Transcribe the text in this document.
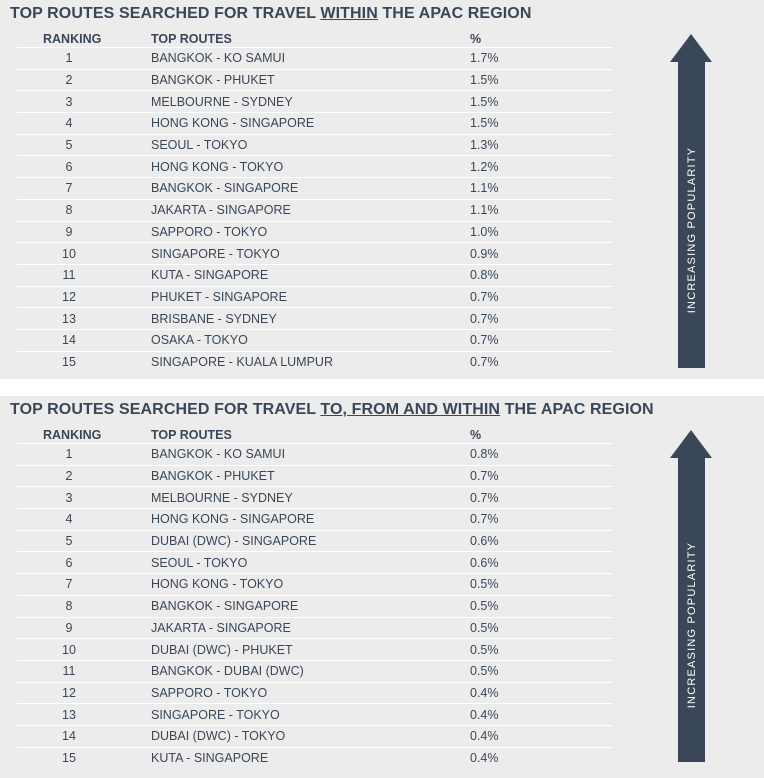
TOP ROUTES SEARCHED FOR TRAVEL WITHIN THE APAC REGION
RANKING	TOP ROUTES	%
1	BANGKOK - KO SAMUI	1.7%
2	BANGKOK - PHUKET	1.5%
3	MELBOURNE - SYDNEY	1.5%
4	HONG KONG - SINGAPORE	1.5%
5	SEOUL - TOKYO	1.3%
6	HONG KONG - TOKYO	1.2%
7	BANGKOK - SINGAPORE	1.1%
8	JAKARTA - SINGAPORE	1.1%
9	SAPPORO - TOKYO	1.0%
10	SINGAPORE - TOKYO	0.9%
11	KUTA - SINGAPORE	0.8%
12	PHUKET - SINGAPORE	0.7%
13	BRISBANE - SYDNEY	0.7%
14	OSAKA - TOKYO	0.7%
15	SINGAPORE - KUALA LUMPUR	0.7%
INCREASING POPULARITY
TOP ROUTES SEARCHED FOR TRAVEL TO, FROM AND WITHIN THE APAC REGION
RANKING	TOP ROUTES	%
1	BANGKOK - KO SAMUI	0.8%
2	BANGKOK - PHUKET	0.7%
3	MELBOURNE - SYDNEY	0.7%
4	HONG KONG - SINGAPORE	0.7%
5	DUBAI (DWC) - SINGAPORE	0.6%
6	SEOUL - TOKYO	0.6%
7	HONG KONG - TOKYO	0.5%
8	BANGKOK - SINGAPORE	0.5%
9	JAKARTA - SINGAPORE	0.5%
10	DUBAI (DWC) - PHUKET	0.5%
11	BANGKOK - DUBAI (DWC)	0.5%
12	SAPPORO - TOKYO	0.4%
13	SINGAPORE - TOKYO	0.4%
14	DUBAI (DWC) - TOKYO	0.4%
15	KUTA - SINGAPORE	0.4%
INCREASING POPULARITY
